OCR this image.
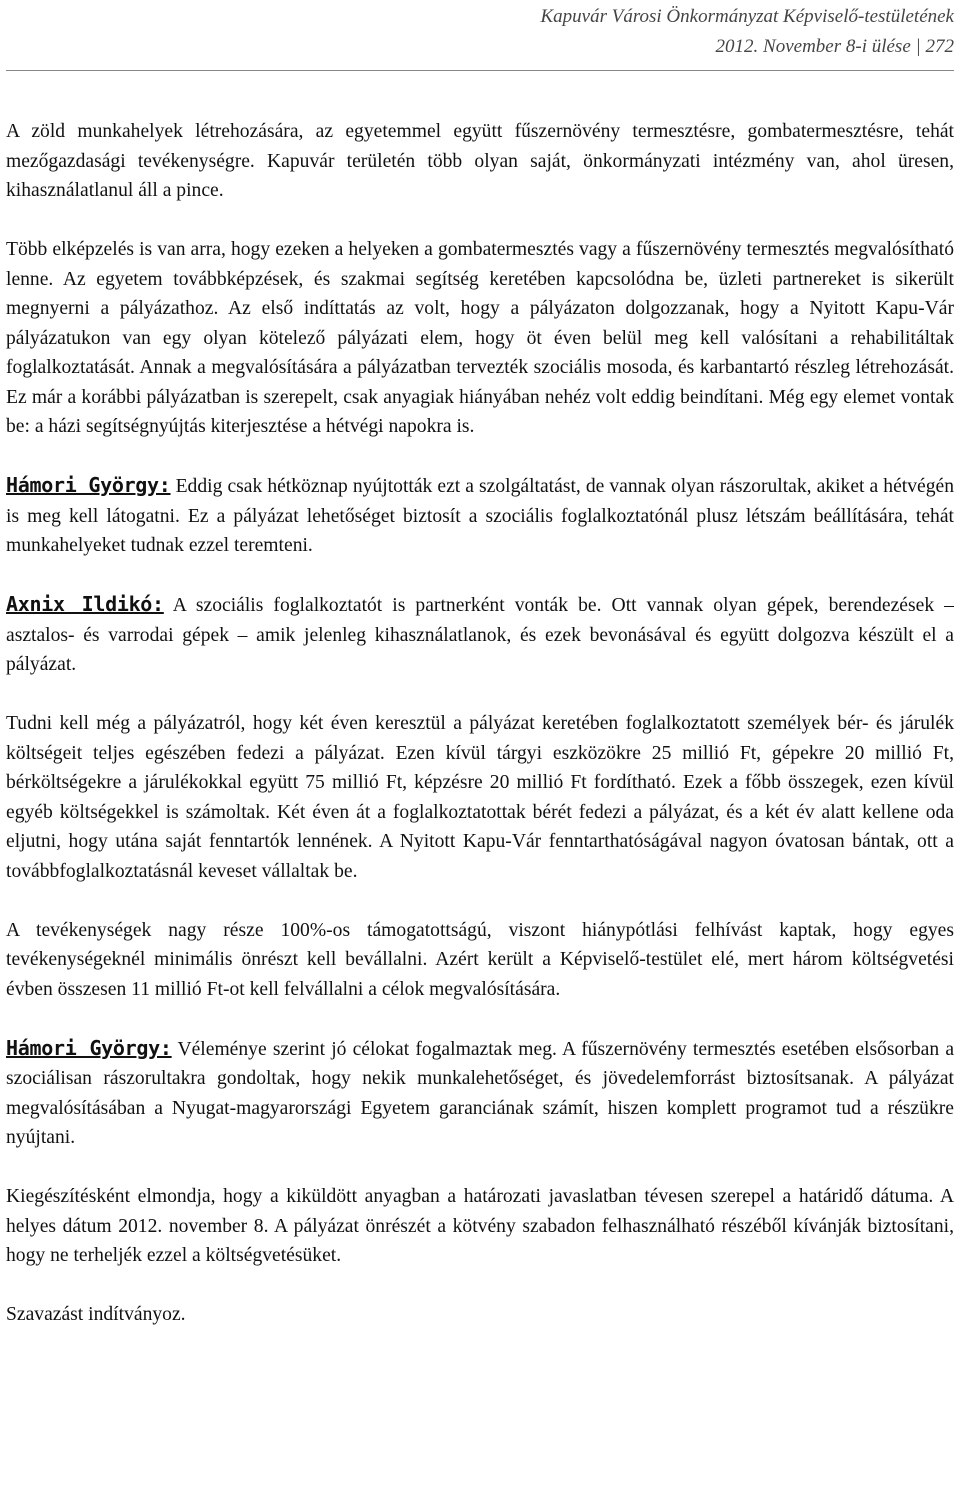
Kapuvár Városi Önkormányzat Képviselő-testületének
2012. November 8-i ülése | 272

A zöld munkahelyek létrehozására, az egyetemmel együtt fűszernövény termesztésre, gombatermesztésre, tehát mezőgazdasági tevékenységre. Kapuvár területén több olyan saját, önkormányzati intézmény van, ahol üresen, kihasználatlanul áll a pince.

Több elképzelés is van arra, hogy ezeken a helyeken a gombatermesztés vagy a fűszernövény termesztés megvalósítható lenne. Az egyetem továbbképzések, és szakmai segítség keretében kapcsolódna be, üzleti partnereket is sikerült megnyerni a pályázathoz. Az első indíttatás az volt, hogy a pályázaton dolgozzanak, hogy a Nyitott Kapu-Vár pályázatukon van egy olyan kötelező pályázati elem, hogy öt éven belül meg kell valósítani a rehabilitáltak foglalkoztatását. Annak a megvalósítására a pályázatban tervezték szociális mosoda, és karbantartó részleg létrehozását. Ez már a korábbi pályázatban is szerepelt, csak anyagiak hiányában nehéz volt eddig beindítani. Még egy elemet vontak be: a házi segítségnyújtás kiterjesztése a hétvégi napokra is.

Hámori György: Eddig csak hétköznap nyújtották ezt a szolgáltatást, de vannak olyan rászorultak, akiket a hétvégén is meg kell látogatni. Ez a pályázat lehetőséget biztosít a szociális foglalkoztatónál plusz létszám beállítására, tehát munkahelyeket tudnak ezzel teremteni.

Axnix Ildikó: A szociális foglalkoztatót is partnerként vonták be. Ott vannak olyan gépek, berendezések – asztalos- és varrodai gépek – amik jelenleg kihasználatlanok, és ezek bevonásával és együtt dolgozva készült el a pályázat.

Tudni kell még a pályázatról, hogy két éven keresztül a pályázat keretében foglalkoztatott személyek bér- és járulék költségeit teljes egészében fedezi a pályázat. Ezen kívül tárgyi eszközökre 25 millió Ft, gépekre 20 millió Ft, bérköltségekre a járulékokkal együtt 75 millió Ft, képzésre 20 millió Ft fordítható. Ezek a főbb összegek, ezen kívül egyéb költségekkel is számoltak. Két éven át a foglalkoztatottak bérét fedezi a pályázat, és a két év alatt kellene oda eljutni, hogy utána saját fenntartók lennének. A Nyitott Kapu-Vár fenntarthatóságával nagyon óvatosan bántak, ott a továbbfoglalkoztatásnál keveset vállaltak be.

A tevékenységek nagy része 100%-os támogatottságú, viszont hiánypótlási felhívást kaptak, hogy egyes tevékenységeknél minimális önrészt kell bevállalni. Azért került a Képviselő-testület elé, mert három költségvetési évben összesen 11 millió Ft-ot kell felvállalni a célok megvalósítására.

Hámori György: Véleménye szerint jó célokat fogalmaztak meg. A fűszernövény termesztés esetében elsősorban a szociálisan rászorultakra gondoltak, hogy nekik munkalehetőséget, és jövedelemforrást biztosítsanak. A pályázat megvalósításában a Nyugat-magyarországi Egyetem garanciának számít, hiszen komplett programot tud a részükre nyújtani.

Kiegészítésként elmondja, hogy a kiküldött anyagban a határozati javaslatban tévesen szerepel a határidő dátuma. A helyes dátum 2012. november 8. A pályázat önrészét a kötvény szabadon felhasználható részéből kívánják biztosítani, hogy ne terheljék ezzel a költségvetésüket.

Szavazást indítványoz.
